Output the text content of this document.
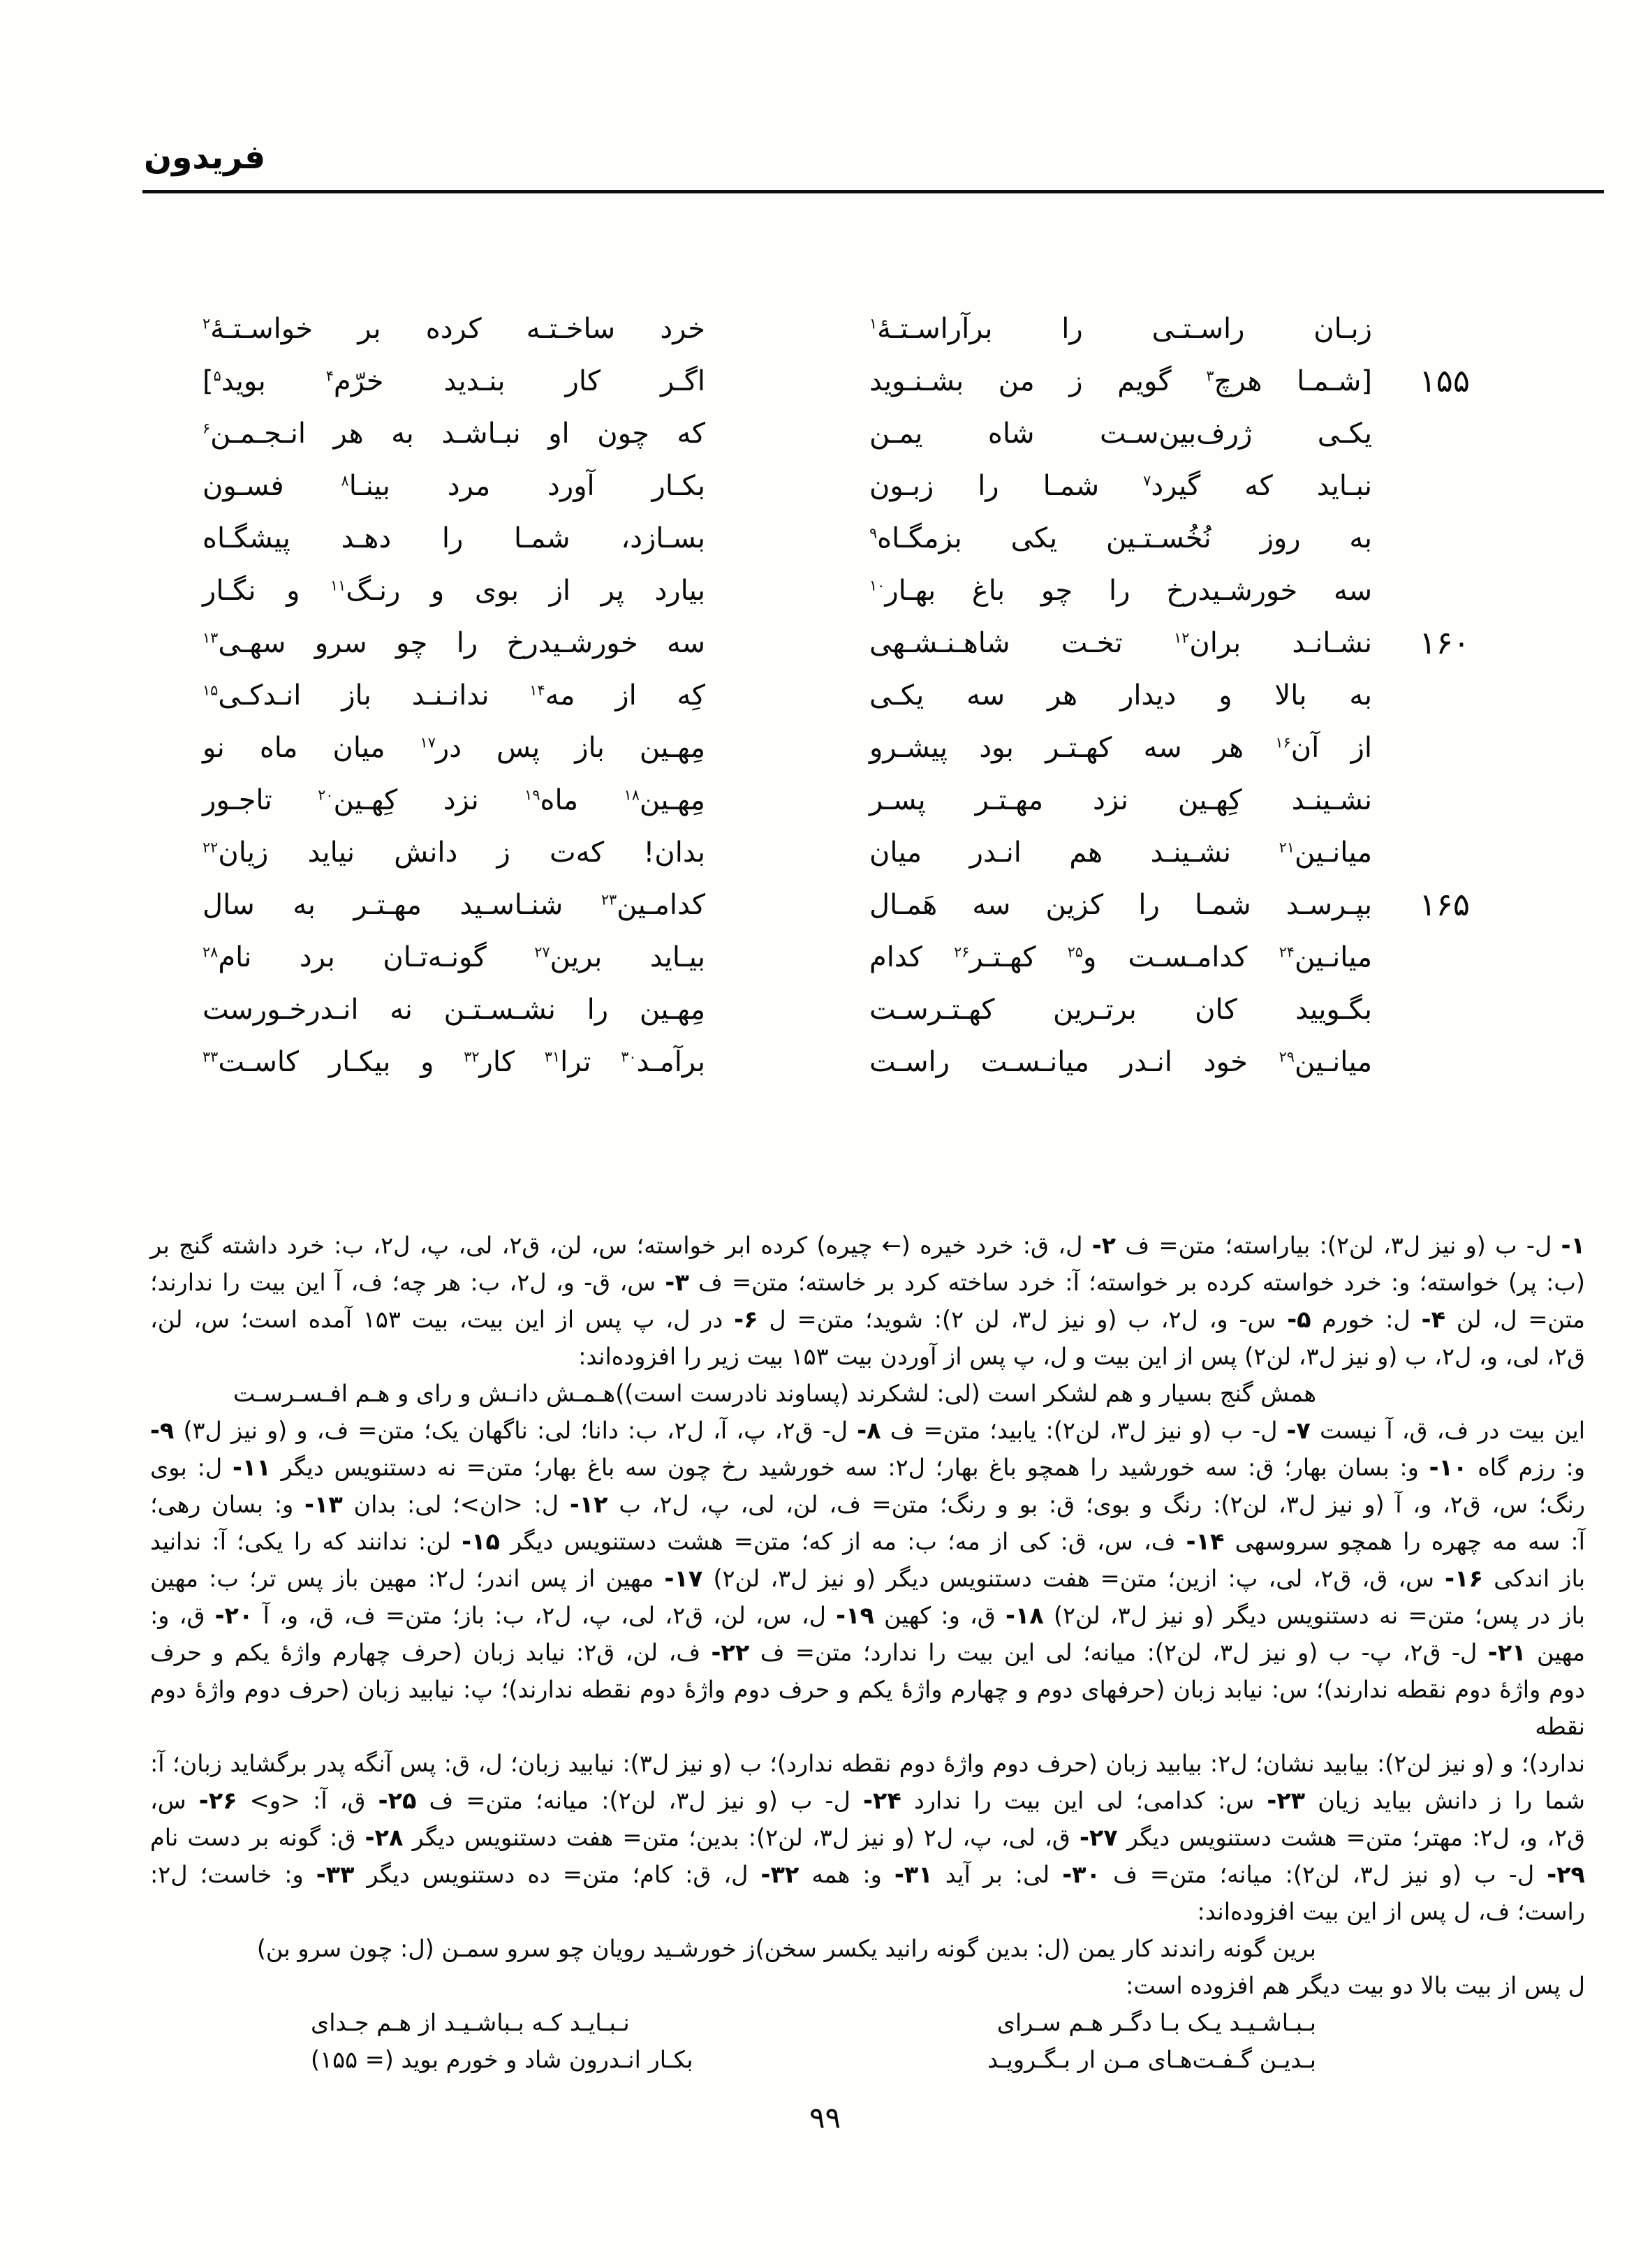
فريدون
زبـان راسـتـی را برآراسـتـهٔ$^۱$
خرد ساخـتـه کرده بر خواسـتـهٔ$^۲$
۱۵۵
[شـمـا هرچ$^۳$ گویم ز من بشـنـوید
اگـر کار بنـدید خرّم$^۴$ بوید$^۵$]
یکـی ژرف‌بین‌سـت شاه یمـن
که چون او نبـاشـد به هر انـجـمـن$^۶$
نبـاید که گیرد$^۷$ شمـا را زبـون
بکـار آورد مرد بینـا$^۸$ فسـون
به روز نُخُسـتـین یکی بزمگـاه$^۹$
بسـازد، شمـا را دهـد پیشگـاه
سه خورشـیدرخ را چو باغ بهـار$^{۱۰}$
بیارد پر از بوی و رنـگ$^{۱۱}$ و نگـار
۱۶۰
نشـانـد بران$^{۱۲}$ تخـت شاهـنـشـهی
سه خورشـیدرخ را چو سرو سهـی$^{۱۳}$
به بالا و دیدار هر سه یکـی
کِه از مه$^{۱۴}$ ندانـنـد باز انـدکـی$^{۱۵}$
از آن$^{۱۶}$ هر سه کهـتـر بود پیشـرو
مِهـین باز پس در$^{۱۷}$ میان ماه نو
نشـینـد کِهـین نزد مهـتـر پسـر
مِهـین$^{۱۸}$ ماه$^{۱۹}$ نزد کِهـین$^{۲۰}$ تاجـور
میانـین$^{۲۱}$ نشـینـد هم انـدر میان
بدان! که‌ت ز دانش نیاید زیان$^{۲۲}$
۱۶۵
بپـرسـد شمـا را کزین سه هَمـال
کدامـین$^{۲۳}$ شنـاسـید مهـتـر به سال
میانـین$^{۲۴}$ کدامـسـت و$^{۲۵}$ کهـتـر$^{۲۶}$ کدام
بیـاید برین$^{۲۷}$ گونـه‌تـان برد نام$^{۲۸}$
بگـویید کان برتـرین کهـتـرسـت
مِهـین را نشـسـتـن نه انـدرخـورست
میانـین$^{۲۹}$ خود انـدر میانـسـت راسـت
برآمـد$^{۳۰}$ ترا$^{۳۱}$ کار$^{۳۲}$ و بیکـار کاسـت$^{۳۳}$
۱- ل- ب (و نیز ل۳، لن۲): بیاراسته؛ متن= ف ۲- ل، ق: خرد خیره (← چیره) کرده ابر خواسته؛ س، لن، ق۲، لی، پ، ل۲، ب: خرد داشته گنج بر
(ب: پر) خواسته؛ و: خرد خواسته کرده بر خواسته؛ آ: خرد ساخته کرد بر خاسته؛ متن= ف ۳- س، ق- و، ل۲، ب: هر چه؛ ف، آ این بیت را ندارند؛
متن= ل، لن ۴- ل: خورم ۵- س- و، ل۲، ب (و نیز ل۳، لن ۲): شوید؛ متن= ل ۶- در ل، پ پس از این بیت، بیت ۱۵۳ آمده است؛ س، لن،
ق۲، لی، و، ل۲، ب (و نیز ل۳، لن۲) پس از این بیت و ل، پ پس از آوردن بیت ۱۵۳ بیت زیر را افزوده‌اند:
همش گنج بسیار و هم لشکر است (لی: لشکرند (پساوند نادرست است))
هـمـش دانـش و رای و هـم افـسـرسـت
این بیت در ف، ق، آ نیست ۷- ل- ب (و نیز ل۳، لن۲): یابید؛ متن= ف ۸- ل- ق۲، پ، آ، ل۲، ب: دانا؛ لی: ناگهان یک؛ متن= ف، و (و نیز ل۳) ۹-
و: رزم گاه ۱۰- و: بسان بهار؛ ق: سه خورشید را همچو باغ بهار؛ ل۲: سه خورشید رخ چون سه باغ بهار؛ متن= نه دستنویس دیگر ۱۱- ل: بوی
رنگ؛ س، ق۲، و، آ (و نیز ل۳، لن۲): رنگ و بوی؛ ق: بو و رنگ؛ متن= ف، لن، لی، پ، ل۲، ب ۱۲- ل: <ان>؛ لی: بدان ۱۳- و: بسان رهی؛
آ: سه مه چهره را همچو سروسهی ۱۴- ف، س، ق: کی از مه؛ ب: مه از که؛ متن= هشت دستنویس دیگر ۱۵- لن: ندانند که را یکی؛ آ: ندانید
باز اندکی ۱۶- س، ق، ق۲، لی، پ: ازین؛ متن= هفت دستنویس دیگر (و نیز ل۳، لن۲) ۱۷- مهین از پس اندر؛ ل۲: مهین باز پس تر؛ ب: مهین
باز در پس؛ متن= نه دستنویس دیگر (و نیز ل۳، لن۲) ۱۸- ق، و: کهین ۱۹- ل، س، لن، ق۲، لی، پ، ل۲، ب: باز؛ متن= ف، ق، و، آ ۲۰- ق، و:
مهین ۲۱- ل- ق۲، پ- ب (و نیز ل۳، لن۲): میانه؛ لی این بیت را ندارد؛ متن= ف ۲۲- ف، لن، ق۲: نیابد زبان (حرف چهارم واژهٔ یکم و حرف
دوم واژهٔ دوم نقطه ندارند)؛ س: نیابد زبان (حرفهای دوم و چهارم واژهٔ یکم و حرف دوم واژهٔ دوم نقطه ندارند)؛ پ: نیابید زبان (حرف دوم واژهٔ دوم نقطه
ندارد)؛ و (و نیز لن۲): بیابید نشان؛ ل۲: بیابید زبان (حرف دوم واژهٔ دوم نقطه ندارد)؛ ب (و نیز ل۳): نیابید زبان؛ ل، ق: پس آنگه پدر برگشاید زبان؛ آ:
شما را ز دانش بیاید زیان ۲۳- س: کدامی؛ لی این بیت را ندارد ۲۴- ل- ب (و نیز ل۳، لن۲): میانه؛ متن= ف ۲۵- ق، آ: <و> ۲۶- س،
ق۲، و، ل۲: مهتر؛ متن= هشت دستنویس دیگر ۲۷- ق، لی، پ، ل۲ (و نیز ل۳، لن۲): بدین؛ متن= هفت دستنویس دیگر ۲۸- ق: گونه بر دست نام
۲۹- ل- ب (و نیز ل۳، لن۲): میانه؛ متن= ف ۳۰- لی: بر آید ۳۱- و: همه ۳۲- ل، ق: کام؛ متن= ده دستنویس دیگر ۳۳- و: خاست؛ ل۲:
راست؛ ف، ل پس از این بیت افزوده‌اند:
برین گونه راندند کار یمن (ل: بدین گونه رانید یکسر سخن)
ز خورشـید رویان چو سرو سمـن (ل: چون سرو بن)
ل پس از بیت بالا دو بیت دیگر هم افزوده است:
بـبـاشـیـد یـک بـا دگـر هـم سـرای
نـبـایـد کـه بـباشـیـد از هـم جـدای
بـدیـن گـفـت‌هـای مـن ار بـگـرویـد
بکـار انـدرون شاد و خورم بوید (= ۱۵۵)
٩٩
